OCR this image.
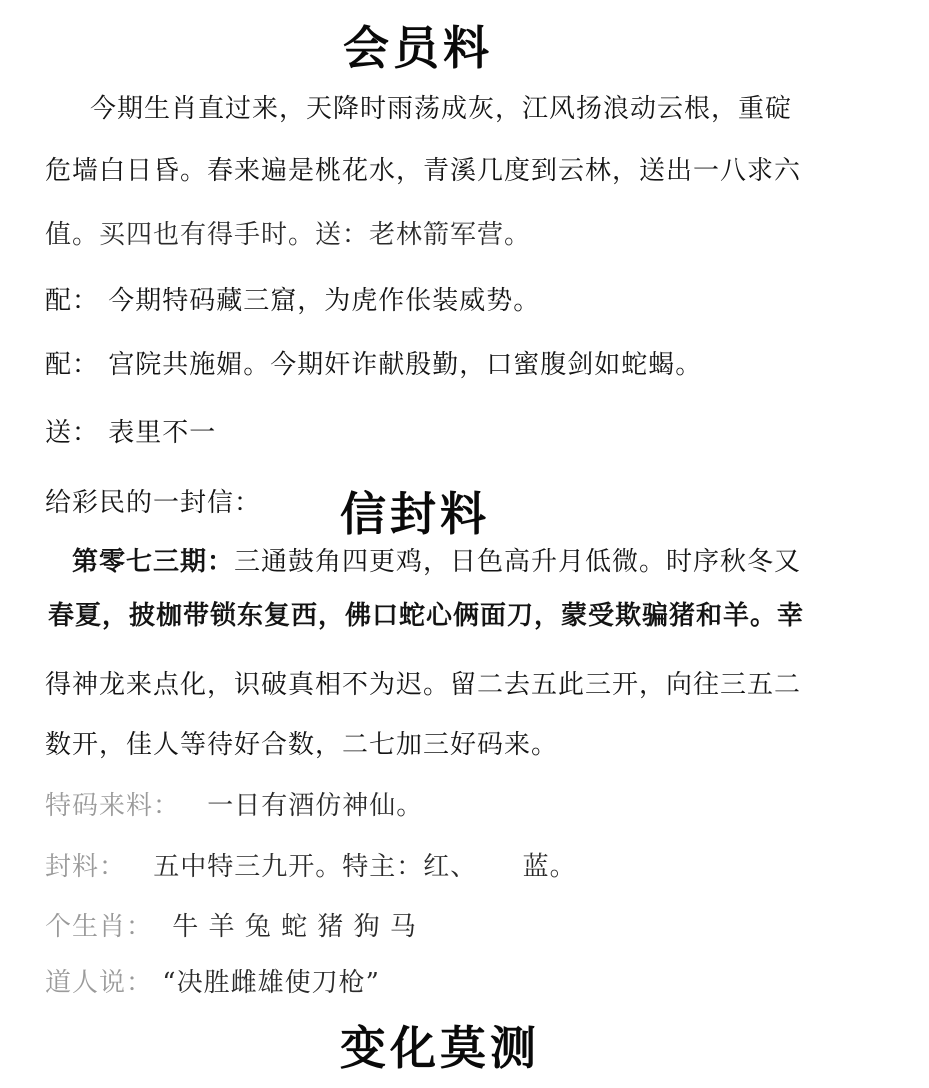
会员料
今期生肖直过来，天降时雨荡成灰，江风扬浪动云根，重碇
危墙白日昏。春来遍是桃花水，青溪几度到云林，送出一八求六
值。买四也有得手时。送：老林箭军营。
配： 今期特码藏三窟，为虎作伥装威势。
配： 宫院共施媚。今期奸诈献殷勤，口蜜腹剑如蛇蝎。
送： 表里不一
给彩民的一封信： 信封料
第零七三期：三通鼓角四更鸡，日色高升月低微。时序秋冬又
春夏，披枷带锁东复西，佛口蛇心俩面刀，蒙受欺骗猪和羊。幸
得神龙来点化，识破真相不为迟。留二去五此三开，向往三五二
数开，佳人等待好合数，二七加三好码来。
特码来料： 一日有酒仿神仙。
封料： 五中特三九开。特主：红、 蓝。
个生肖： 牛 羊 兔 蛇 猪 狗 马
道人说： “决胜雌雄使刀枪”
变化莫测
